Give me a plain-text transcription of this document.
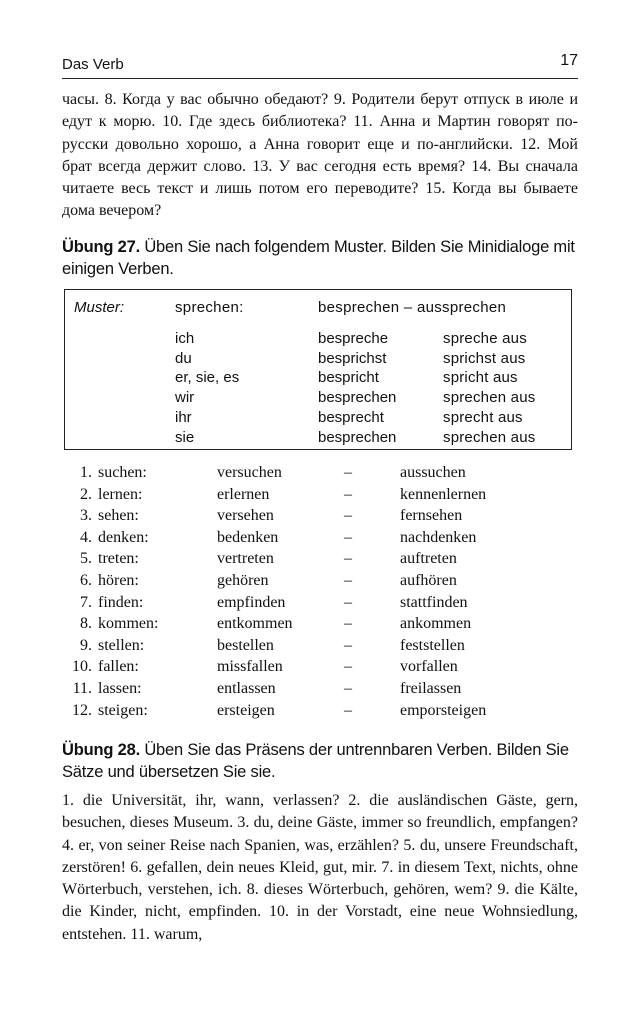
Das Verb	17
часы. 8. Когда у вас обычно обедают? 9. Родители берут отпуск в июле и едут к морю. 10. Где здесь библиотека? 11. Анна и Мартин говорят по-русски довольно хорошо, а Анна говорит еще и по-английски. 12. Мой брат всегда держит слово. 13. У вас сегодня есть время? 14. Вы сначала читаете весь текст и лишь потом его переводите? 15. Когда вы бываете дома вечером?
Übung 27. Üben Sie nach folgendem Muster. Bilden Sie Minidialoge mit einigen Verben.
Muster:	sprechen:	besprechen – aussprechen
ich	bespreche	spreche aus
du	besprichst	sprichst aus
er, sie, es	bespricht	spricht aus
wir	besprechen	sprechen aus
ihr	besprecht	sprecht aus
sie	besprechen	sprechen aus
1. suchen:	versuchen	–	aussuchen
2. lernen:	erlernen	–	kennenlernen
3. sehen:	versehen	–	fernsehen
4. denken:	bedenken	–	nachdenken
5. treten:	vertreten	–	auftreten
6. hören:	gehören	–	aufhören
7. finden:	empfinden	–	stattfinden
8. kommen:	entkommen	–	ankommen
9. stellen:	bestellen	–	feststellen
10. fallen:	missfallen	–	vorfallen
11. lassen:	entlassen	–	freilassen
12. steigen:	ersteigen	–	emporsteigen
Übung 28. Üben Sie das Präsens der untrennbaren Verben. Bilden Sie Sätze und übersetzen Sie sie.
1. die Universität, ihr, wann, verlassen? 2. die ausländischen Gäste, gern, besuchen, dieses Museum. 3. du, deine Gäste, immer so freundlich, empfangen? 4. er, von seiner Reise nach Spanien, was, erzählen? 5. du, unsere Freundschaft, zerstören! 6. gefallen, dein neues Kleid, gut, mir. 7. in diesem Text, nichts, ohne Wörterbuch, verstehen, ich. 8. dieses Wörterbuch, gehören, wem? 9. die Kälte, die Kinder, nicht, empfinden. 10. in der Vorstadt, eine neue Wohnsiedlung, entstehen. 11. warum,
